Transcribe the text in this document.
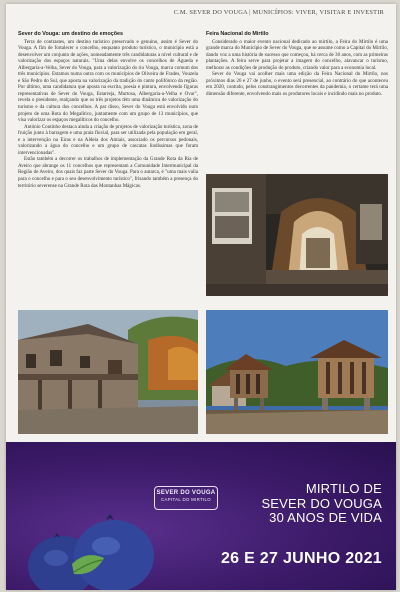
C.M. SEVER DO VOUGA | MUNICÍPIOS: VIVER, VISITAR E INVESTIR
Sever do Vouga: um destino de emoções

Terra de contrastes, um destino turístico preservado e genuíno, assim é Sever do Vouga. A fim de fortalecer o concelho, enquanto produto turístico, o município está a desenvolver um conjunto de ações, nomeadamente três candidaturas a nível cultural e de valorização dos espaços naturais. "Uma delas envolve os concelhos de Águeda e Albergaria-a-Velha, Sever do Vouga, para a valorização do rio Vouga, marca comum dos três municípios. Estamos numa outra com os municípios de Oliveira de Frades, Vouzela e São Pedro do Sul, que aposta na valorização da tradição do canto polifónico da região. Por último, uma candidatura que aposta na escrita, poesia e pintura, envolvendo figuras representativas de Sever do Vouga, Estarreja, Murtosa, Albergaria-a-Velha e Ovar", revela o presidente, realçando que os três projetos têm uma dinâmica de valorização do turismo e da cultura dos concelhos. A par disso, Sever do Vouga está envolvido num projeto de uma Rota do Megalítico, juntamente com um grupo de 13 municípios, que visa valorizar os espaços megalíticos do concelho.

António Coutinho destaca ainda a criação de projetos de valorização turística, zona de fruição junto à barragem e uma praia fluvial, para ser utilizada pela população em geral, e a intervenção na Eiras e na Aldeia dos Amiais, associado os percursos pedonais, valorizando a água do concelho e um grupo de cascatas lindíssimas que foram intervencionadas".

Estão também a decorrer os trabalhos de implementação da Grande Rota da Ria de Aveiro que abrange os 11 concelhos que representam a Comunidade Intermunicipal da Região de Aveiro, dos quais faz parte Sever do Vouga. Para o autarca, é "uma mais valia para o concelho e para o seu desenvolvimento turístico", frisando também a presença do território severense na Grande Rota das Montanhas Mágicas.

Feira Nacional do Mirtilo

Considerado o maior evento nacional dedicado ao mirtilo, a Feira do Mirtilo é uma grande marca do Município de Sever do Vouga, que se assume como a Capital do Mirtilo, dando voz a uma história de sucesso que começou, há cerca de 30 anos, com as primeiras plantações. A feira serve para projetar a imagem do concelho, alavancar o turismo, melhorar as condições de produção do produto, criando valor para a economia local.

Sever do Vouga vai acolher mais uma edição da Feira Nacional do Mirtilo, nos próximos dias 26 e 27 de junho, o evento será presencial, ao contrário do que aconteceu em 2020, contudo, pelos constrangimentos decorrentes da pandemia, o certame terá uma dimensão diferente, envolvendo mais os produtores locais e incidindo mais no produto.

SEVER DO VOUGA
CAPITAL DO MIRTILO
MIRTILO DE
SEVER DO VOUGA
30 ANOS DE VIDA
26 E 27 JUNHO 2021
